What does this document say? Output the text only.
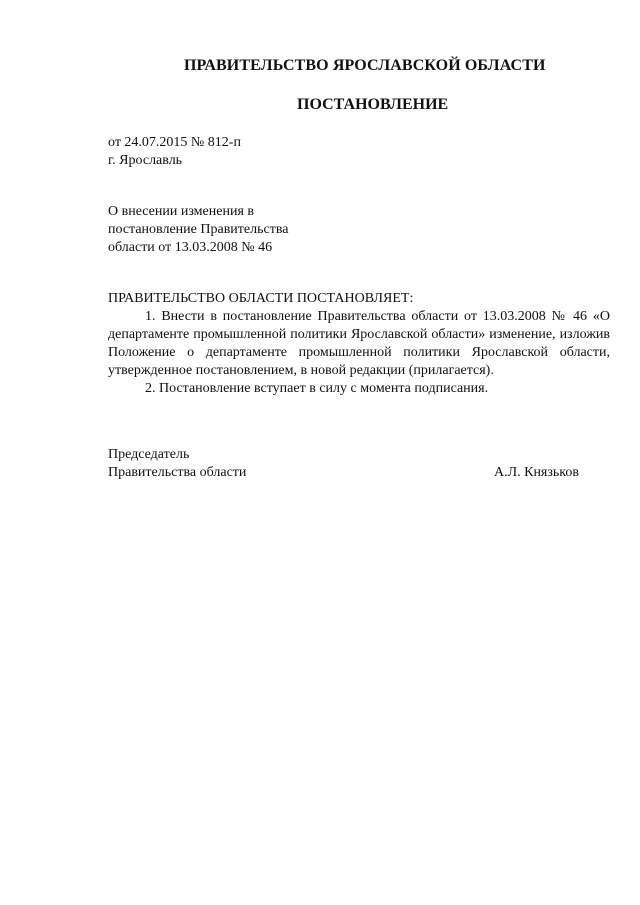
ПРАВИТЕЛЬСТВО ЯРОСЛАВСКОЙ ОБЛАСТИ
ПОСТАНОВЛЕНИЕ
от 24.07.2015 № 812-п
г. Ярославль
О внесении изменения в
постановление Правительства
области от 13.03.2008 № 46
ПРАВИТЕЛЬСТВО ОБЛАСТИ ПОСТАНОВЛЯЕТ:
1. Внести в постановление Правительства области от 13.03.2008 № 46 «О департаменте промышленной политики Ярославской области» изменение, изложив Положение о департаменте промышленной политики Ярославской области, утвержденное постановлением, в новой редакции (прилагается).
2. Постановление вступает в силу с момента подписания.
Председатель
Правительства области	А.Л. Князьков
